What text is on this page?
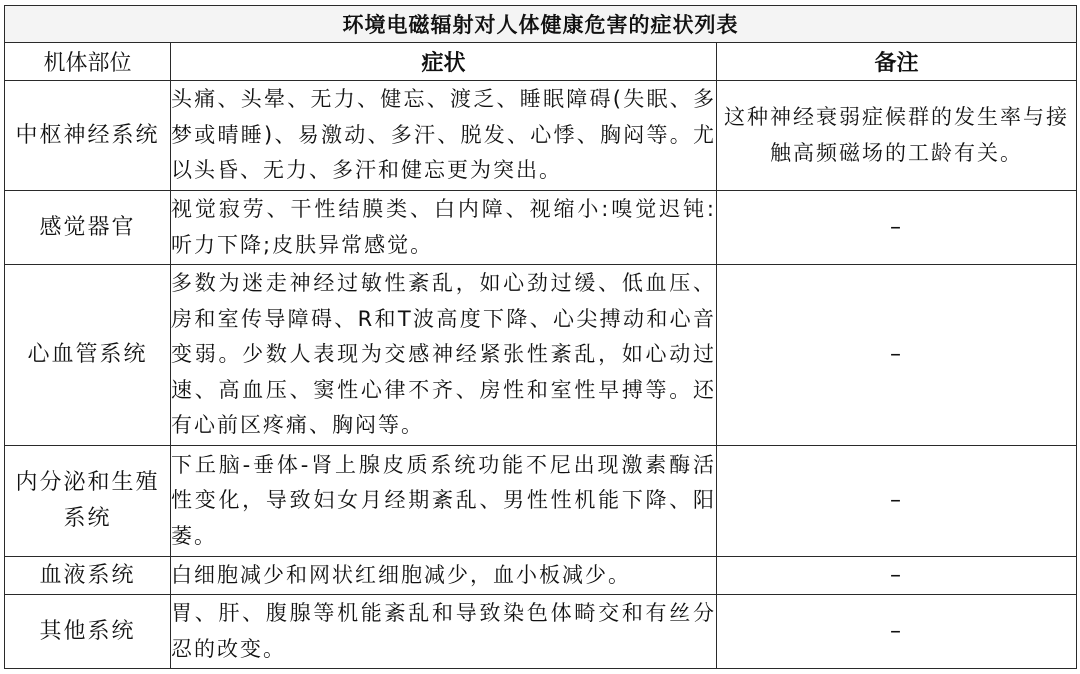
环境电磁辐射对人体健康危害的症状列表		
机体部位	症状	备注
中枢神经系统	头痛、头晕、无力、健忘、渡乏、睡眠障碍(失眠、多梦或晴睡)、易激动、多汗、脱发、心悸、胸闷等。尤以头昏、无力、多汗和健忘更为突出。	这种神经衰弱症候群的发生率与接触高频磁场的工龄有关。
感觉器官	视觉寂劳、干性结膜类、白内障、视缩小:嗅觉迟钝:听力下降;皮肤异常感觉。	–
心血管系统	多数为迷走神经过敏性紊乱，如心劲过缓、低血压、房和室传导障碍、R和T波高度下降、心尖搏动和心音变弱。少数人表现为交感神经紧张性紊乱，如心动过速、高血压、窦性心律不齐、房性和室性早搏等。还有心前区疼痛、胸闷等。	–
内分泌和生殖系统	下丘脑-垂体-肾上腺皮质系统功能不尼出现激素酶活性变化，导致妇女月经期紊乱、男性性机能下降、阳萎。	–
血液系统	白细胞减少和网状红细胞减少，血小板减少。	–
其他系统	胃、肝、腹腺等机能紊乱和导致染色体畸交和有丝分忍的改变。	–
